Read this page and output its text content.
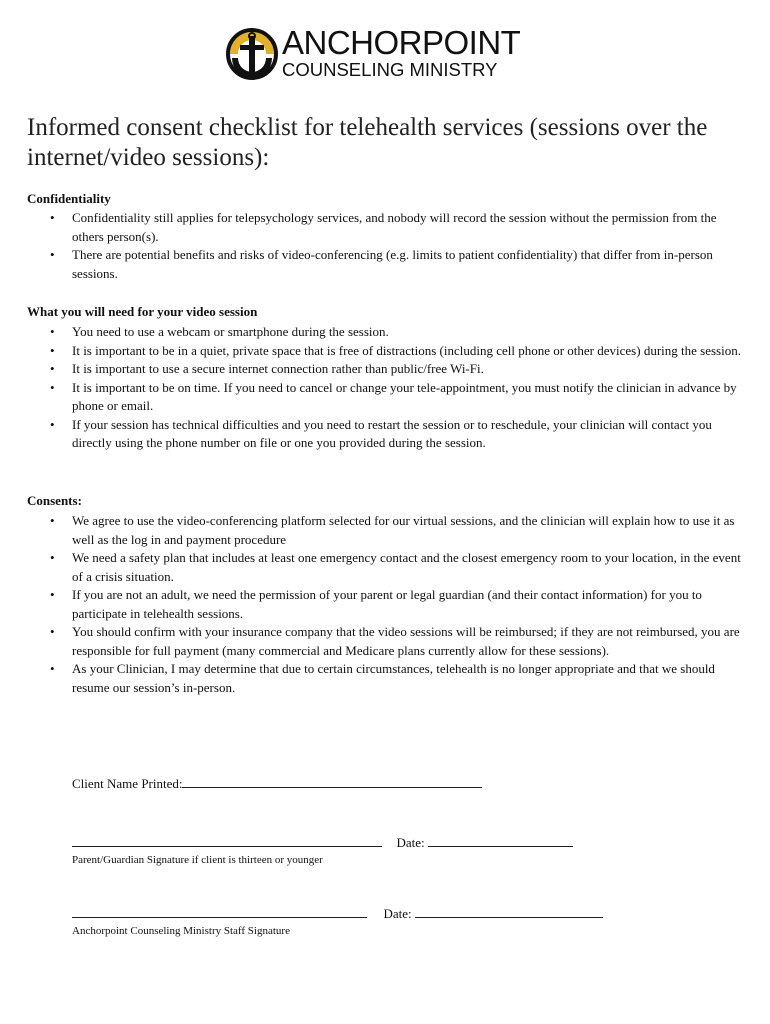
ANCHORPOINT
COUNSELING MINISTRY
Informed consent checklist for telehealth services (sessions over the internet/video sessions):
Confidentiality
• Confidentiality still applies for telepsychology services, and nobody will record the session without the permission from the others person(s).
• There are potential benefits and risks of video-conferencing (e.g. limits to patient confidentiality) that differ from in-person sessions.
What you will need for your video session
• You need to use a webcam or smartphone during the session.
• It is important to be in a quiet, private space that is free of distractions (including cell phone or other devices) during the session.
• It is important to use a secure internet connection rather than public/free Wi-Fi.
• It is important to be on time. If you need to cancel or change your tele-appointment, you must notify the clinician in advance by phone or email.
• If your session has technical difficulties and you need to restart the session or to reschedule, your clinician will contact you directly using the phone number on file or one you provided during the session.
Consents:
• We agree to use the video-conferencing platform selected for our virtual sessions, and the clinician will explain how to use it as well as the log in and payment procedure
• We need a safety plan that includes at least one emergency contact and the closest emergency room to your location, in the event of a crisis situation.
• If you are not an adult, we need the permission of your parent or legal guardian (and their contact information) for you to participate in telehealth sessions.
• You should confirm with your insurance company that the video sessions will be reimbursed; if they are not reimbursed, you are responsible for full payment (many commercial and Medicare plans currently allow for these sessions).
• As your Clinician, I may determine that due to certain circumstances, telehealth is no longer appropriate and that we should resume our session’s in-person.
Client Name Printed:
Date:
Parent/Guardian Signature if client is thirteen or younger
Date:
Anchorpoint Counseling Ministry Staff Signature
